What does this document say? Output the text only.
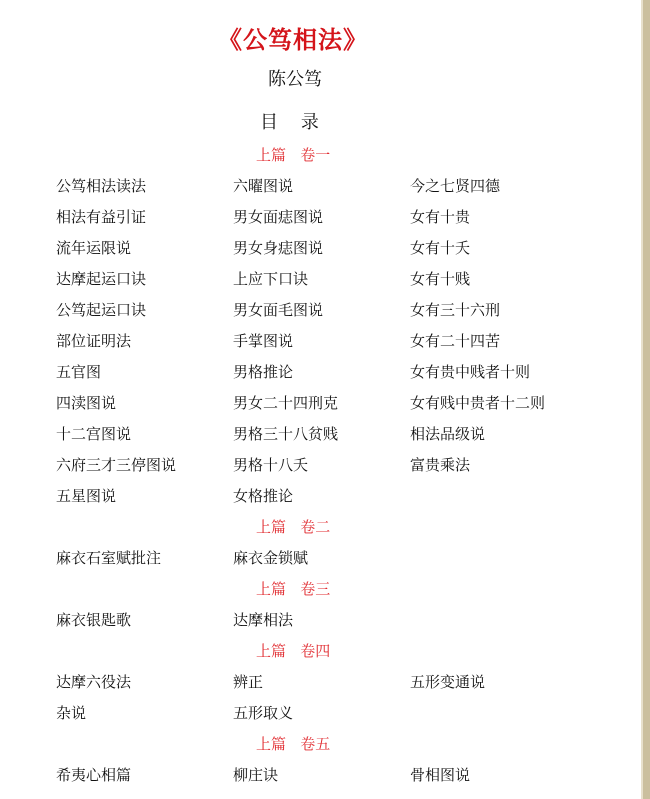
《公笃相法》
陈公笃
目    录
上篇   卷一
公笃相法读法	六曜图说	今之七贤四德
相法有益引证	男女面痣图说	女有十贵
流年运限说	男女身痣图说	女有十夭
达摩起运口诀	上应下口诀	女有十贱
公笃起运口诀	男女面毛图说	女有三十六刑
部位证明法	手掌图说	女有二十四苦
五官图	男格推论	女有贵中贱者十则
四渎图说	男女二十四刑克	女有贱中贵者十二则
十二宫图说	男格三十八贫贱	相法品级说
六府三才三停图说	男格十八夭	富贵乘法
五星图说	女格推论
上篇   卷二
麻衣石室赋批注	麻衣金锁赋
上篇   卷三
麻衣银匙歌	达摩相法
上篇   卷四
达摩六役法	辨正	五形变通说
杂说	五形取义
上篇   卷五
希夷心相篇	柳庄诀	骨相图说
